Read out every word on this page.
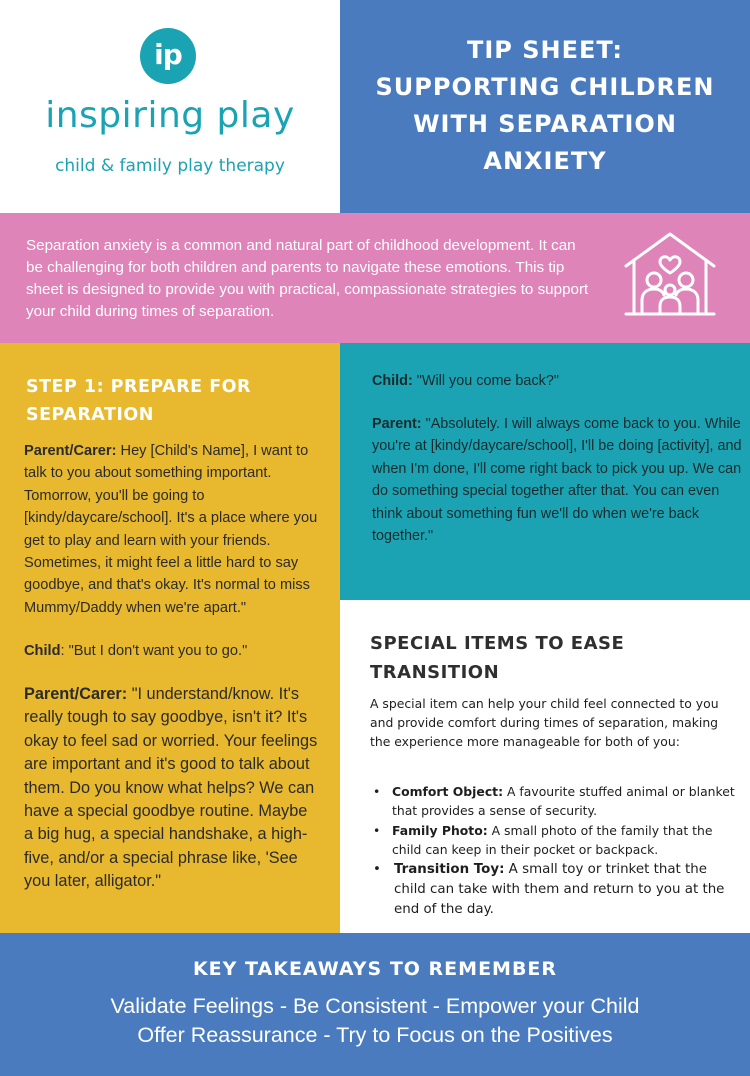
ip
inspiring play
child & family play therapy
TIP SHEET:
SUPPORTING CHILDREN
WITH SEPARATION
ANXIETY

Separation anxiety is a common and natural part of childhood development. It can be challenging for both children and parents to navigate these emotions. This tip sheet is designed to provide you with practical, compassionate strategies to support your child during times of separation.

STEP 1: PREPARE FOR SEPARATION

Parent/Carer: Hey [Child's Name], I want to talk to you about something important. Tomorrow, you'll be going to [kindy/daycare/school]. It's a place where you get to play and learn with your friends. Sometimes, it might feel a little hard to say goodbye, and that's okay. It's normal to miss Mummy/Daddy when we're apart."

Child: "But I don't want you to go."

Parent/Carer: "I understand/know. It's really tough to say goodbye, isn't it? It's okay to feel sad or worried. Your feelings are important and it's good to talk about them. Do you know what helps? We can have a special goodbye routine. Maybe a big hug, a special handshake, a high-five, and/or a special phrase like, 'See you later, alligator."

Child: "Will you come back?"

Parent: "Absolutely. I will always come back to you. While you're at [kindy/daycare/school], I'll be doing [activity], and when I'm done, I'll come right back to pick you up. We can do something special together after that. You can even think about something fun we'll do when we're back together."

SPECIAL ITEMS TO EASE TRANSITION

A special item can help your child feel connected to you and provide comfort during times of separation, making the experience more manageable for both of you:

• Comfort Object: A favourite stuffed animal or blanket that provides a sense of security.
• Family Photo: A small photo of the family that the child can keep in their pocket or backpack.
• Transition Toy: A small toy or trinket that the child can take with them and return to you at the end of the day.
KEY TAKEAWAYS TO REMEMBER
Validate Feelings - Be Consistent - Empower your Child
Offer Reassurance - Try to Focus on the Positives
